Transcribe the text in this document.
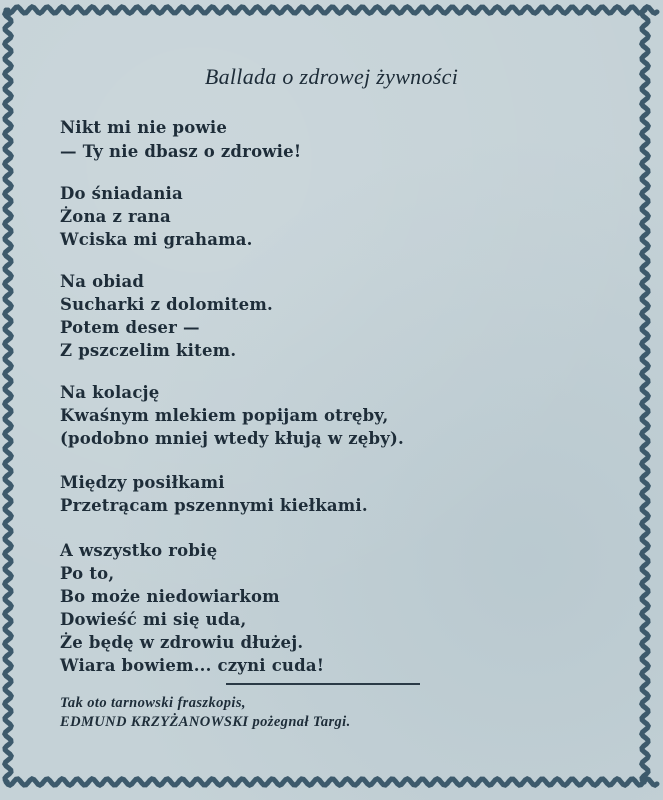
Ballada o zdrowej żywności
Nikt mi nie powie
— Ty nie dbasz o zdrowie!
Do śniadania
Żona z rana
Wciska mi grahama.
Na obiad
Sucharki z dolomitem.
Potem deser —
Z pszczelim kitem.
Na kolację
Kwaśnym mlekiem popijam otręby,
(podobno mniej wtedy kłują w zęby).
Między posiłkami
Przetrącam pszennymi kiełkami.
A wszystko robię
Po to,
Bo może niedowiarkom
Dowieść mi się uda,
Że będę w zdrowiu dłużej.
Wiara bowiem... czyni cuda!
Tak oto tarnowski fraszkopis,
EDMUND KRZYŻANOWSKI pożegnał Targi.
